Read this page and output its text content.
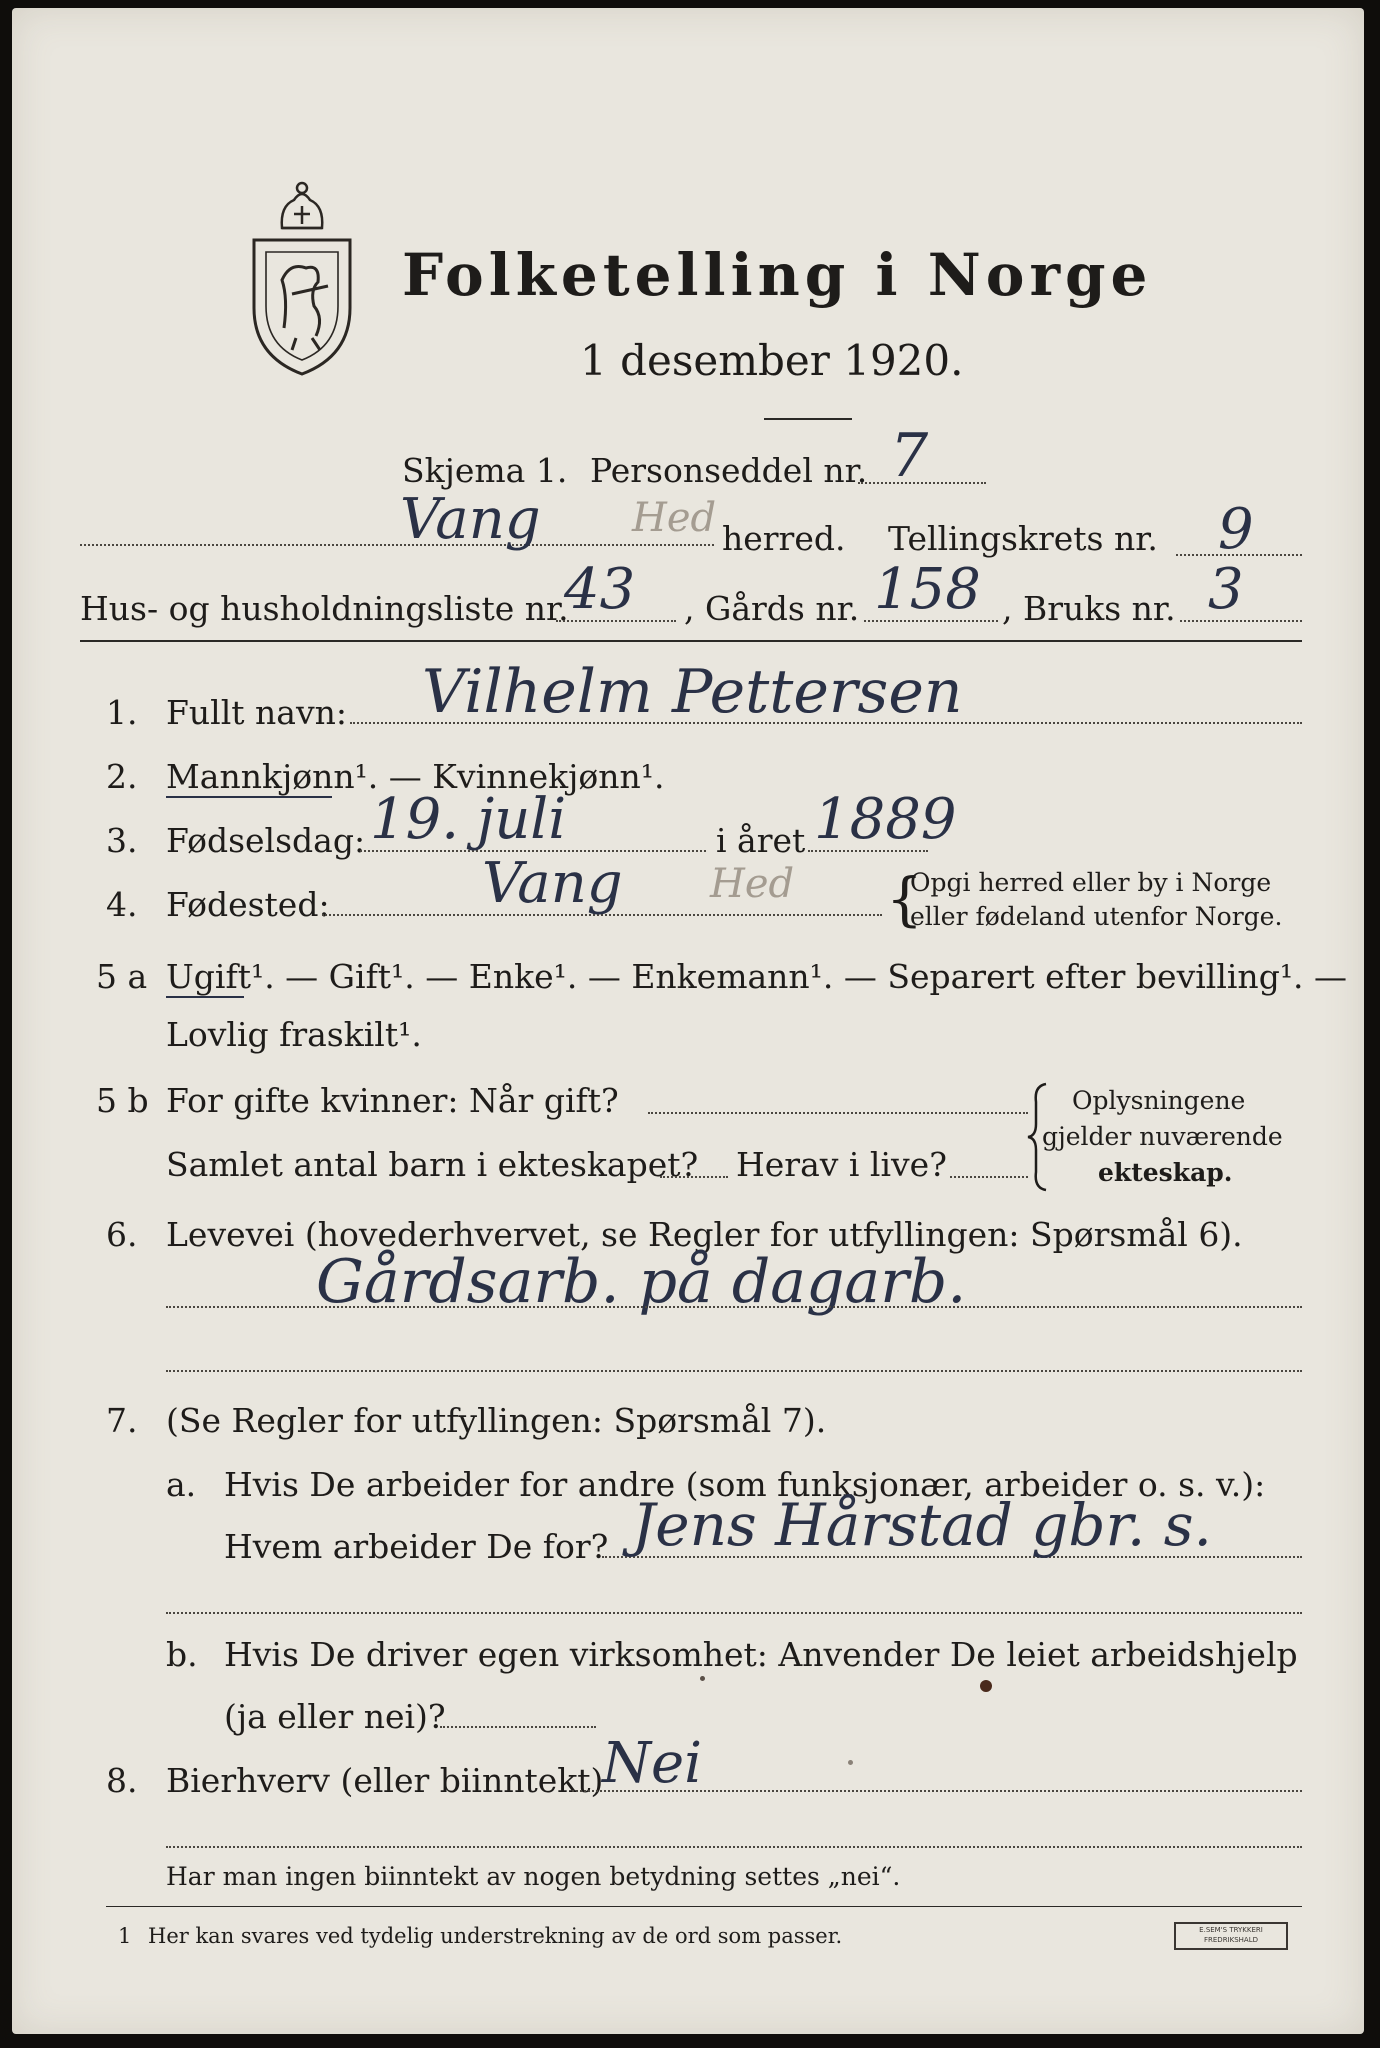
Folketelling i Norge
1 desember 1920.
Skjema 1. Personseddel nr. 7
Vang Hed herred. Tellingskrets nr. 9
Hus- og husholdningsliste nr.
43 , Gårds nr. 158 , Bruks nr. 3
1. Fullt navn: Vilhelm Pettersen
2. Mannkjønn¹. — Kvinnekjønn¹.
3. Fødselsdag: 19. juli	i året 1889
4. Fødested:	Vang Hed {
Opgi herred eller by i Norge
eller fødeland utenfor Norge.
5 a Ugift¹. — Gift¹. — Enke¹. — Enkemann¹. — Separert efter bevilling¹. —
Lovlig fraskilt¹.
5 b For gifte kvinner: Når gift?
Samlet antal barn i ekteskapet? Herav i live?
Oplysningene
gjelder nuværende
ekteskap.
6. Levevei (hovederhvervet, se Regler for utfyllingen: Spørsmål 6).
Gårdsarb. på dagarb.
7. (Se Regler for utfyllingen: Spørsmål 7).
a. Hvis De arbeider for andre (som funksjonær, arbeider o. s. v.):
Hvem arbeider De for? Jens Hårstad gbr. s.
b. Hvis De driver egen virksomhet: Anvender De leiet arbeidshjelp
(ja eller nei)?
8. Bierhverv (eller biinntekt)
Nei
Har man ingen biinntekt av nogen betydning settes „nei“.
1 Her kan svares ved tydelig understrekning av de ord som passer.	E.SEM'S TRYKKERI FREDRIKSHALD
